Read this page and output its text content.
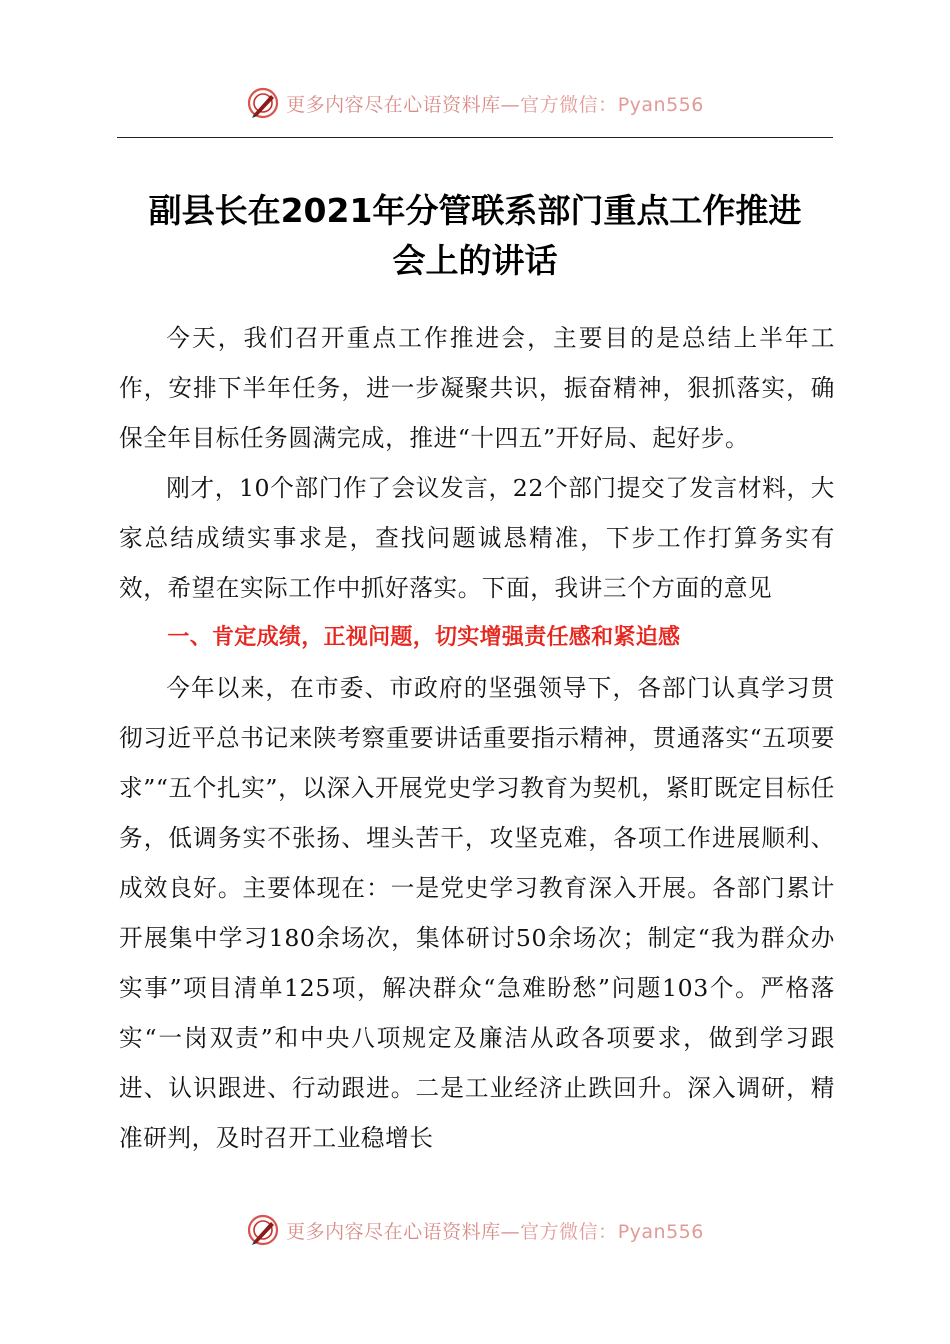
更多内容尽在心语资料库—官方微信：Pyan556
副县长在2021年分管联系部门重点工作推进
会上的讲话

今天，我们召开重点工作推进会，主要目的是总结上半年工作，安排下半年任务，进一步凝聚共识，振奋精神，狠抓落实，确保全年目标任务圆满完成，推进“十四五”开好局、起好步。

刚才，10个部门作了会议发言，22个部门提交了发言材料，大家总结成绩实事求是，查找问题诚恳精准，下步工作打算务实有效，希望在实际工作中抓好落实。下面，我讲三个方面的意见

一、肯定成绩，正视问题，切实增强责任感和紧迫感

今年以来，在市委、市政府的坚强领导下，各部门认真学习贯彻习近平总书记来陕考察重要讲话重要指示精神，贯通落实“五项要求”“五个扎实”，以深入开展党史学习教育为契机，紧盯既定目标任务，低调务实不张扬、埋头苦干，攻坚克难，各项工作进展顺利、成效良好。主要体现在：一是党史学习教育深入开展。各部门累计开展集中学习180余场次，集体研讨50余场次；制定“我为群众办实事”项目清单125项，解决群众“急难盼愁”问题103个。严格落实“一岗双责”和中央八项规定及廉洁从政各项要求，做到学习跟进、认识跟进、行动跟进。二是工业经济止跌回升。深入调研，精准研判，及时召开工业稳增长

更多内容尽在心语资料库—官方微信：Pyan556
